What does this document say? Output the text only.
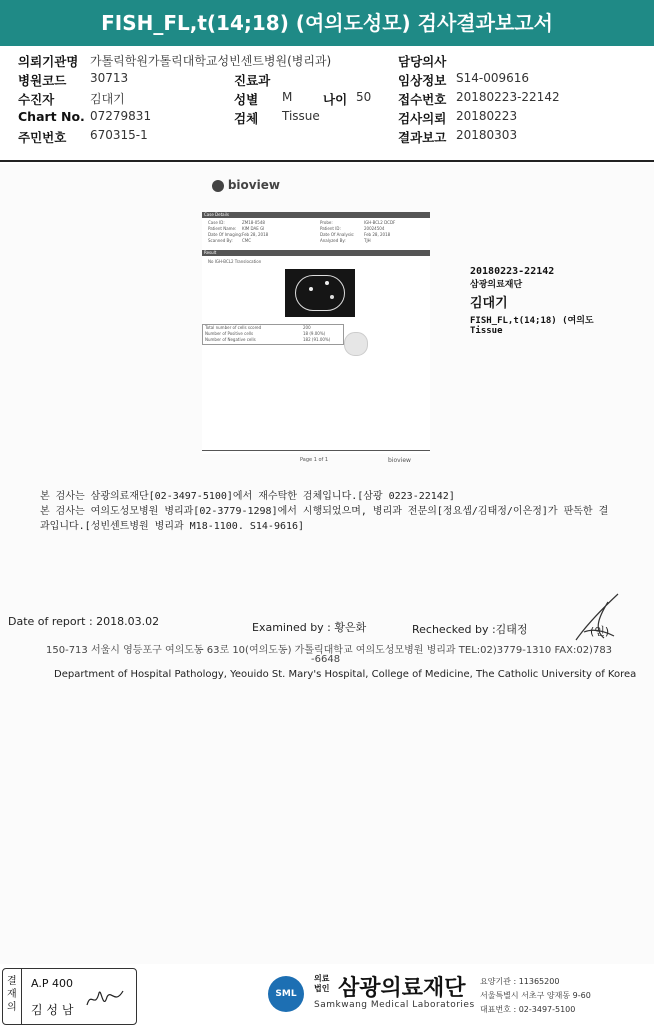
FISH_FL,t(14;18) (여의도성모) 검사결과보고서
의뢰기관명 가톨릭학원가톨릭대학교성빈센트병원(병리과)	담당의사
병원코드 30713	진료과	임상정보 S14-009616
수진자	김대기	성별 M 나이 50 접수번호 20180223-22142
Chart No. 07279831	검체 Tissue	검사의뢰 20180223
주민번호 670315-1	결과보고 20180303
bioview
Case Details
Case ID:	ZM18-0548
Patient Name: KIM DAE GI
Date Of Imaging: Feb 28, 2018
Scanned By: CMC
Probe:	IGH-BCL2 DCDF
Patient ID:	20024504
Date Of Analysis: Feb 28, 2018
Analyzed By:	TJH
Result
No IGH-BCL2 Translocation
Total number of cells scored	200
Number of Positive cells	18 (9.00%)
Number of Negative cells	182 (91.00%)
Page 1 of 1	bioview
20180223-22142
삼광의료재단
김대기
FISH_FL,t(14;18) (여의도
Tissue
본 검사는 삼광의료재단[02-3497-5100]에서 재수탁한 검체입니다.[삼광 0223-22142]
본 검사는 여의도성모병원 병리과[02-3779-1298]에서 시행되었으며, 병리과 전문의[정요셉/김태정/이은정]가 판독한 결
과입니다.[성빈센트병원 병리과 M18-1100. S14-9616]
Date of report : 2018.03.02	Examined by : 황은화	Rechecked by :김태정	(인)
150-713 서울시 영등포구 여의도동 63로 10(여의도동) 가톨릭대학교 여의도성모병원 병리과 TEL:02)3779-1310 FAX:02)783
-6648
Department of Hospital Pathology, Yeouido St. Mary's Hospital, College of Medicine, The Catholic University of Korea
결재의
A.P 400
김 성 남
SML
의료
법인 삼광의료재단
Samkwang Medical Laboratories
요양기관 : 11365200
서울특별시 서초구 양재동 9-60
대표번호 : 02-3497-5100
